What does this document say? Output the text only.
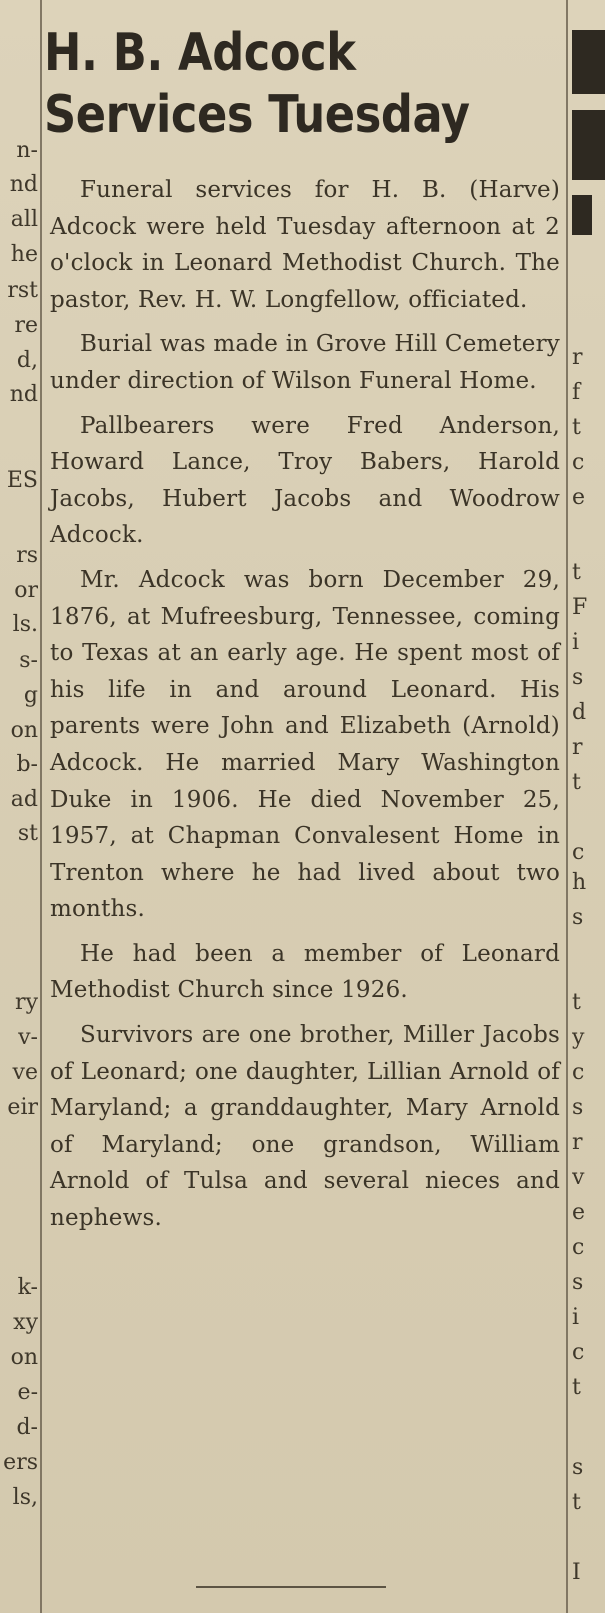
n-
nd
all
he
rst
re
d,
nd
ES
rs
or
ls.
s-
g
on
b-
ad
st
ry
v-
ve
eir
k-
xy
on
e-
d-
ers
ls,
r
f
t
c
e
t
F
i
s
d
r
t
c
h
s
t
y
c
s
r
v
e
c
s
i
c
t
s
t
I
H. B. Adcock
Services Tuesday

Funeral services for H. B. (Harve) Adcock were held Tuesday afternoon at 2 o'clock in Leonard Methodist Church. The pastor, Rev. H. W. Longfellow, officiated.

Burial was made in Grove Hill Cemetery under direction of Wilson Funeral Home.

Pallbearers were Fred Anderson, Howard Lance, Troy Babers, Harold Jacobs, Hubert Jacobs and Woodrow Adcock.

Mr. Adcock was born December 29, 1876, at Mufreesburg, Tennessee, coming to Texas at an early age. He spent most of his life in and around Leonard. His parents were John and Elizabeth (Arnold) Adcock. He married Mary Washington Duke in 1906. He died November 25, 1957, at Chapman Convalesent Home in Trenton where he had lived about two months.

He had been a member of Leonard Methodist Church since 1926.

Survivors are one brother, Miller Jacobs of Leonard; one daughter, Lillian Arnold of Maryland; a granddaughter, Mary Arnold of Maryland; one grandson, William Arnold of Tulsa and several nieces and nephews.
